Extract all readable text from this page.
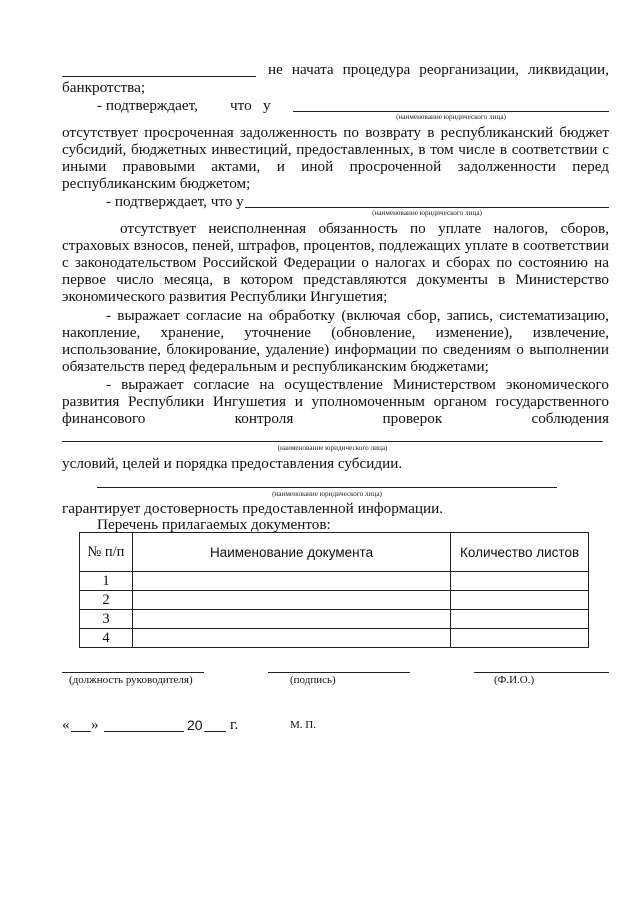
не начата процедура реорганизации, ликвидации,
банкротства;
- подтверждает, что у
(наименование юридического лица)
отсутствует просроченная задолженность по возврату в республиканский бюджет
субсидий, бюджетных инвестиций, предоставленных, в том числе в соответствии с
иными правовыми актами, и иной просроченной задолженности перед
республиканским бюджетом;
- подтверждает, что у
(наименование юридического лица)
отсутствует неисполненная обязанность по уплате налогов, сборов,
страховых взносов, пеней, штрафов, процентов, подлежащих уплате в соответствии
с законодательством Российской Федерации о налогах и сборах по состоянию на
первое число месяца, в котором представляются документы в Министерство
экономического развития Республики Ингушетия;
- выражает согласие на обработку (включая сбор, запись, систематизацию,
накопление, хранение, уточнение (обновление, изменение), извлечение,
использование, блокирование, удаление) информации по сведениям о выполнении
обязательств перед федеральным и республиканским бюджетами;
- выражает согласие на осуществление Министерством экономического
развития Республики Ингушетия и уполномоченным органом государственного
финансового контроля проверок соблюдения
(наименование юридического лица)
условий, целей и порядка предоставления субсидии.
(наименование юридического лица)
гарантирует достоверность предоставленной информации.
Перечень прилагаемых документов:
№ п/п	Наименование документа	Количество листов
1		
2		
3		
4		
(должность руководителя)	(подпись)	(Ф.И.О.)
« »	20 г.	М. П.
